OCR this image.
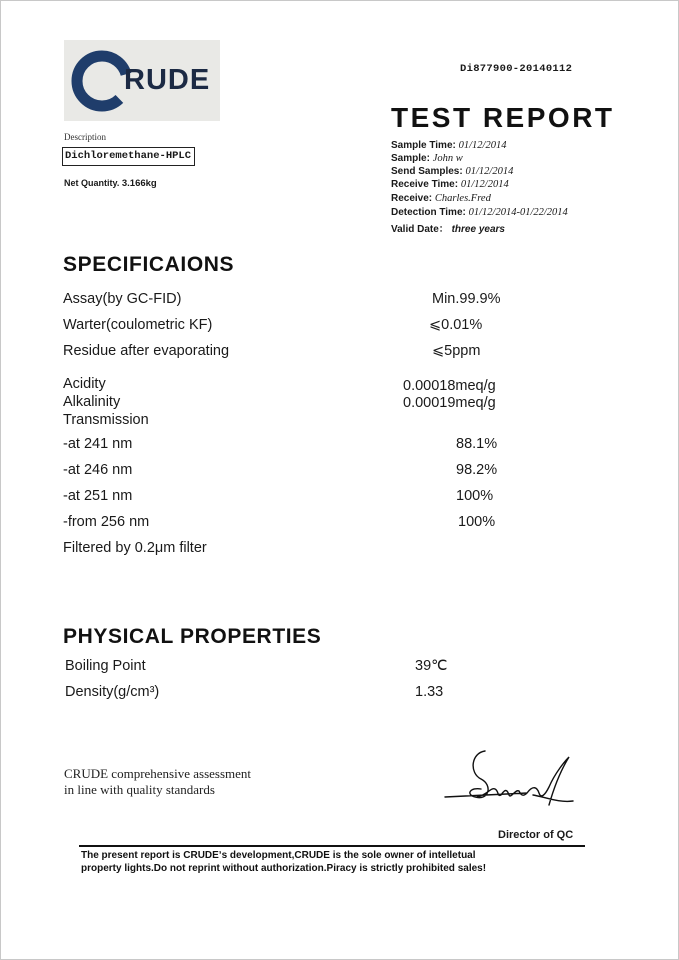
RUDE
Description
Dichloremethane-HPLC
Net Quantity. 3.166kg
Di877900-20140112
TEST REPORT
Sample Time: 01/12/2014
Sample: John w
Send Samples: 01/12/2014
Receive Time: 01/12/2014
Receive: Charles.Fred
Detection Time: 01/12/2014-01/22/2014
Valid Date： three years
SPECIFICAIONS
Assay(by GC-FID)	Min.99.9%
Warter(coulometric KF)	⩽0.01%
Residue after evaporating	⩽5ppm
Acidity	0.00018meq/g
Alkalinity	0.00019meq/g
Transmission
-at 241 nm	88.1%
-at 246 nm	98.2%
-at 251 nm	100%
-from 256 nm	100%
Filtered by 0.2μm filter
PHYSICAL PROPERTIES
Boiling Point	39℃
Density(g/cm³)	1.33
CRUDE comprehensive assessment
in line with quality standards
Director of QC
The present report is CRUDEʼs development,CRUDE is the sole owner of intelletual property lights.Do not reprint without authorization.Piracy is strictly prohibited sales!
